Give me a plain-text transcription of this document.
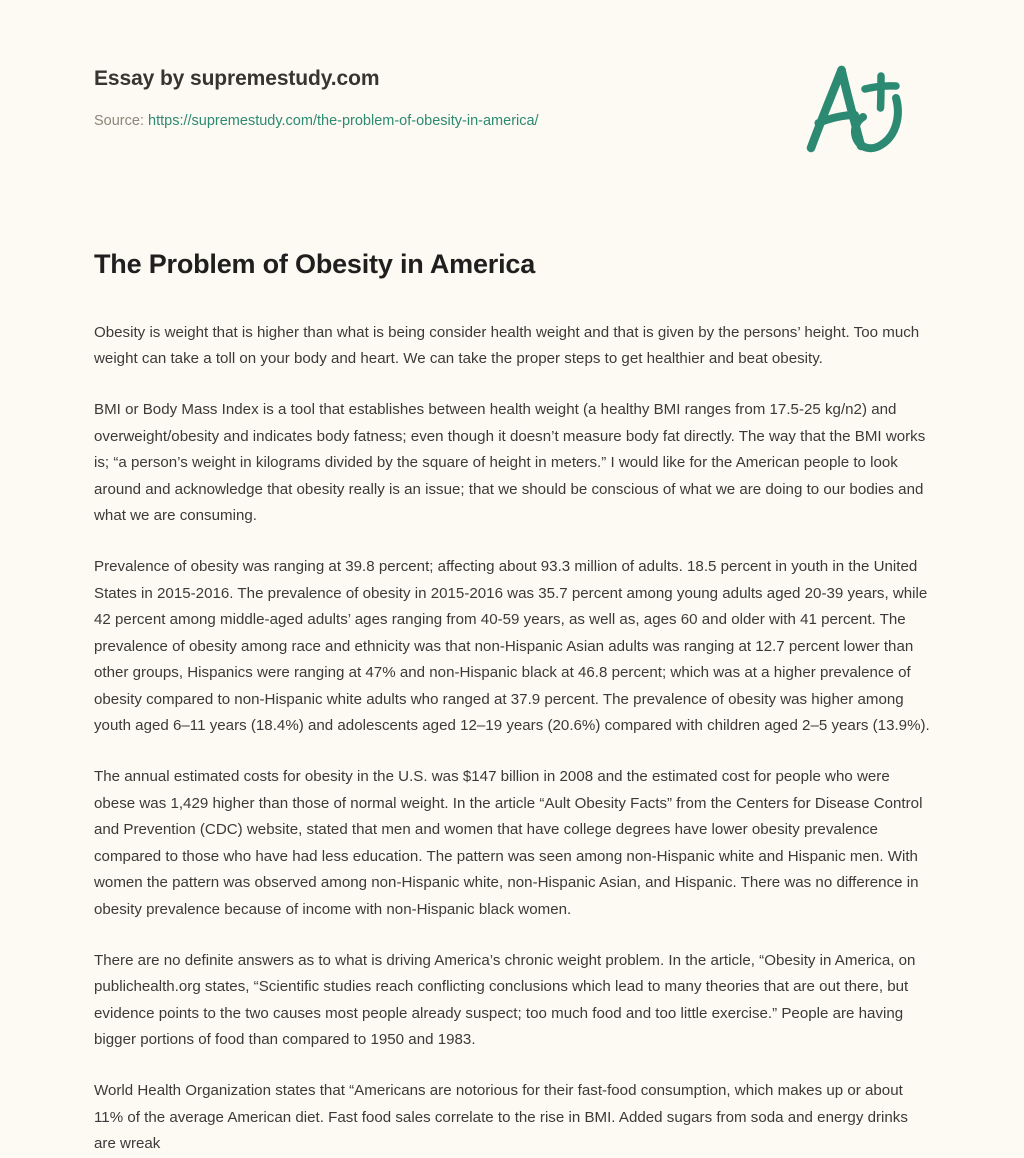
Essay by supremestudy.com
Source: https://supremestudy.com/the-problem-of-obesity-in-america/
The Problem of Obesity in America

Obesity is weight that is higher than what is being consider health weight and that is given by the persons’ height. Too much weight can take a toll on your body and heart. We can take the proper steps to get healthier and beat obesity.

BMI or Body Mass Index is a tool that establishes between health weight (a healthy BMI ranges from 17.5-25 kg/n2) and overweight/obesity and indicates body fatness; even though it doesn’t measure body fat directly. The way that the BMI works is; “a person’s weight in kilograms divided by the square of height in meters.” I would like for the American people to look around and acknowledge that obesity really is an issue; that we should be conscious of what we are doing to our bodies and what we are consuming.

Prevalence of obesity was ranging at 39.8 percent; affecting about 93.3 million of adults. 18.5 percent in youth in the United States in 2015-2016. The prevalence of obesity in 2015-2016 was 35.7 percent among young adults aged 20-39 years, while 42 percent among middle-aged adults’ ages ranging from 40-59 years, as well as, ages 60 and older with 41 percent. The prevalence of obesity among race and ethnicity was that non-Hispanic Asian adults was ranging at 12.7 percent lower than other groups, Hispanics were ranging at 47% and non-Hispanic black at 46.8 percent; which was at a higher prevalence of obesity compared to non-Hispanic white adults who ranged at 37.9 percent. The prevalence of obesity was higher among youth aged 6–11 years (18.4%) and adolescents aged 12–19 years (20.6%) compared with children aged 2–5 years (13.9%).

The annual estimated costs for obesity in the U.S. was $147 billion in 2008 and the estimated cost for people who were obese was 1,429 higher than those of normal weight. In the article “Ault Obesity Facts” from the Centers for Disease Control and Prevention (CDC) website, stated that men and women that have college degrees have lower obesity prevalence compared to those who have had less education. The pattern was seen among non-Hispanic white and Hispanic men. With women the pattern was observed among non-Hispanic white, non-Hispanic Asian, and Hispanic. There was no difference in obesity prevalence because of income with non-Hispanic black women.

There are no definite answers as to what is driving America’s chronic weight problem. In the article, “Obesity in America, on publichealth.org states, “Scientific studies reach conflicting conclusions which lead to many theories that are out there, but evidence points to the two causes most people already suspect; too much food and too little exercise.” People are having bigger portions of food than compared to 1950 and 1983.

World Health Organization states that “Americans are notorious for their fast-food consumption, which makes up or about 11% of the average American diet. Fast food sales correlate to the rise in BMI. Added sugars from soda and energy drinks are wreak
